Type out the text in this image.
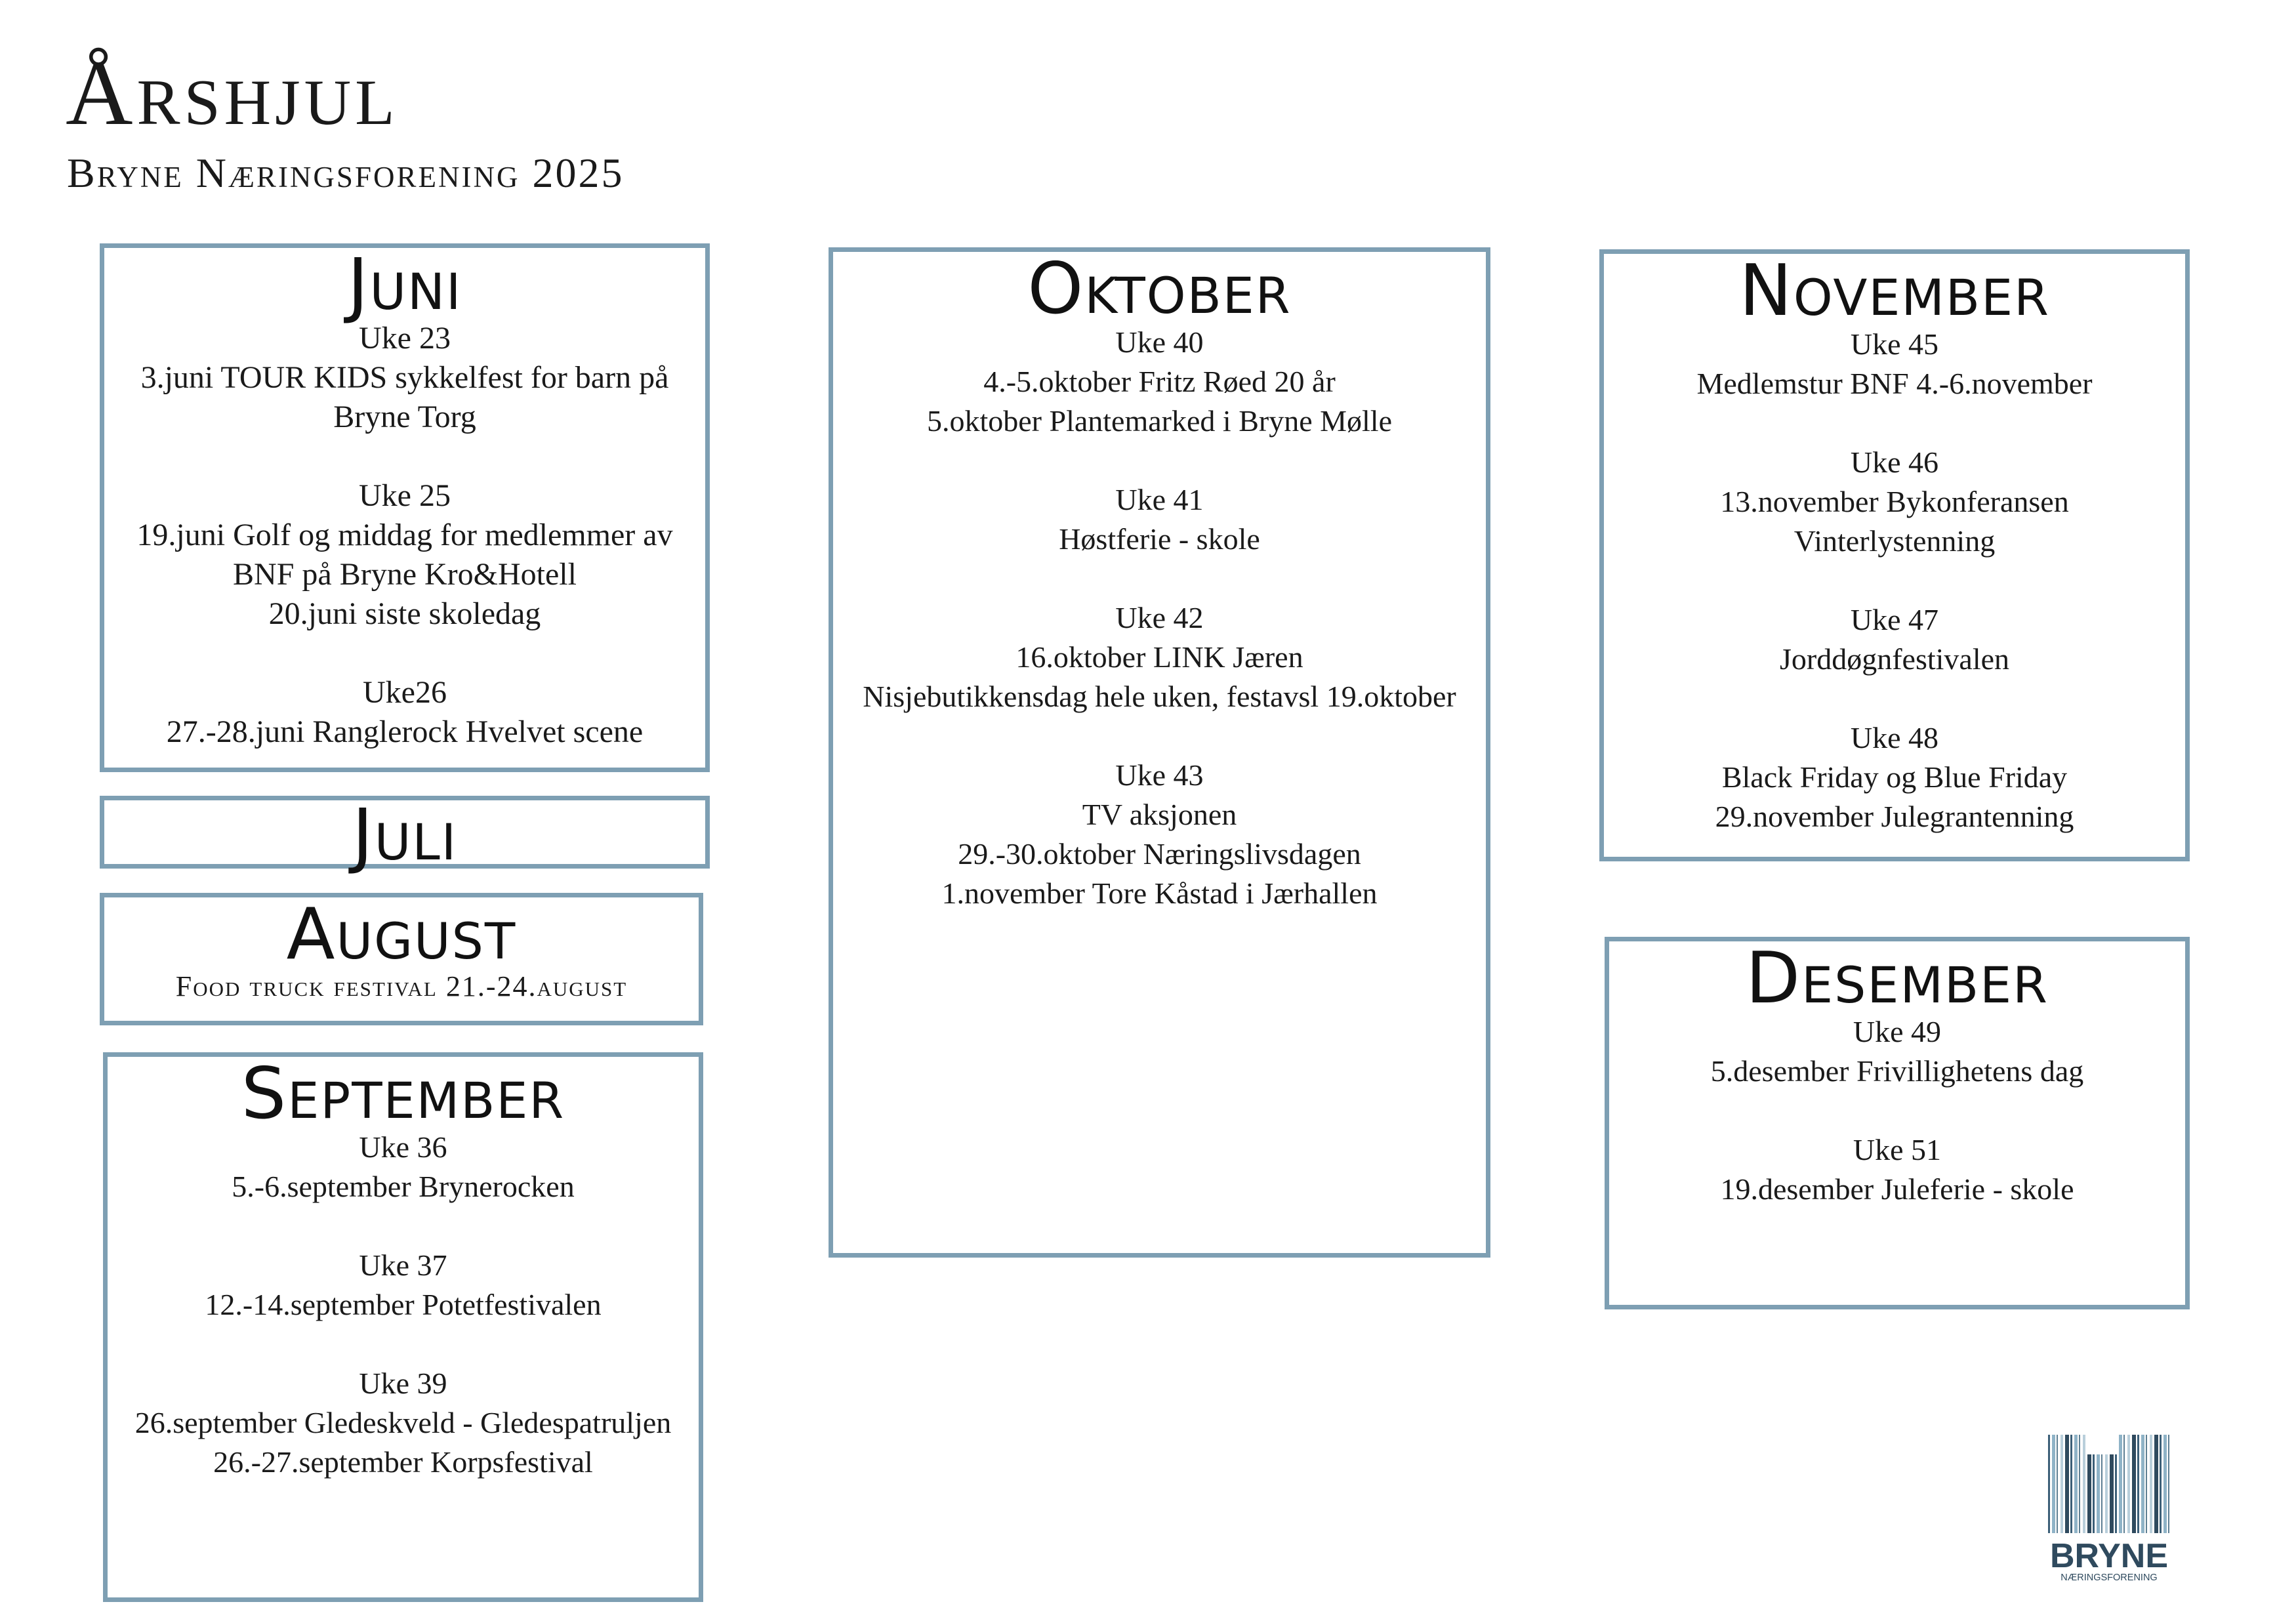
Årshjul
Bryne Næringsforening 2025
Juni
Uke 23
3.juni TOUR KIDS sykkelfest for barn på
Bryne Torg
Uke 25
19.juni Golf og middag for medlemmer av
BNF på Bryne Kro&Hotell
20.juni siste skoledag
Uke26
27.-28.juni Ranglerock Hvelvet scene
Juli
August
Food truck festival 21.-24.august
September
Uke 36
5.-6.september Brynerocken
Uke 37
12.-14.september Potetfestivalen
Uke 39
26.september Gledeskveld - Gledespatruljen
26.-27.september Korpsfestival
Oktober
Uke 40
4.-5.oktober Fritz Røed 20 år
5.oktober Plantemarked i Bryne Mølle
Uke 41
Høstferie - skole
Uke 42
16.oktober LINK Jæren
Nisjebutikkensdag hele uken, festavsl 19.oktober
Uke 43
TV aksjonen
29.-30.oktober Næringslivsdagen
1.november Tore Kåstad i Jærhallen
November
Uke 45
Medlemstur BNF 4.-6.november
Uke 46
13.november Bykonferansen
Vinterlystenning
Uke 47
Jorddøgnfestivalen
Uke 48
Black Friday og Blue Friday
29.november Julegrantenning
Desember
Uke 49
5.desember Frivillighetens dag
Uke 51
19.desember Juleferie - skole
BRYNE
NÆRINGSFORENING
